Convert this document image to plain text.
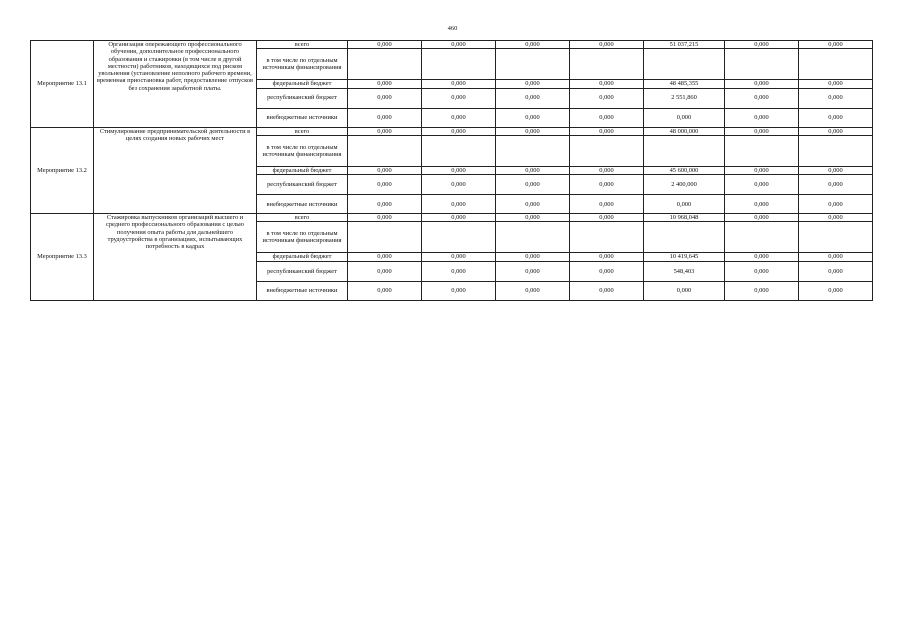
460
Мероприятие 13.1	Организация опережающего профессионального обучения, дополнительное профессионального образования и стажировки (в том числе в другой местности) работников, находящихся под риском увольнения (установление неполного рабочего времени, временная приостановка работ, предоставление отпусков без сохранения заработной платы.	всего	0,000	0,000	0,000	0,000	51 037,215	0,000	0,000
		в том числе по отдельным источникам финансирования							
		федеральный бюджет	0,000	0,000	0,000	0,000	48 485,355	0,000	0,000
		республиканский бюджет	0,000	0,000	0,000	0,000	2 551,860	0,000	0,000
		внебюджетные источники	0,000	0,000	0,000	0,000	0,000	0,000	0,000
Мероприятие 13.2	Стимулирование предпринимательской деятельности в целях создания новых рабочих мест	всего	0,000	0,000	0,000	0,000	48 000,000	0,000	0,000
		в том числе по отдельным источникам финансирования							
		федеральный бюджет	0,000	0,000	0,000	0,000	45 600,000	0,000	0,000
		республиканский бюджет	0,000	0,000	0,000	0,000	2 400,000	0,000	0,000
		внебюджетные источники	0,000	0,000	0,000	0,000	0,000	0,000	0,000
Мероприятие 13.3	Стажировка выпускников организаций высшего и среднего профессионального образования с целью получения опыта работы для дальнейшего трудоустройства в организациях, испытывающих потребность в кадрах	всего	0,000	0,000	0,000	0,000	10 968,048	0,000	0,000
		в том числе по отдельным источникам финансирования							
		федеральный бюджет	0,000	0,000	0,000	0,000	10 419,645	0,000	0,000
		республиканский бюджет	0,000	0,000	0,000	0,000	548,403	0,000	0,000
		внебюджетные источники	0,000	0,000	0,000	0,000	0,000	0,000	0,000
